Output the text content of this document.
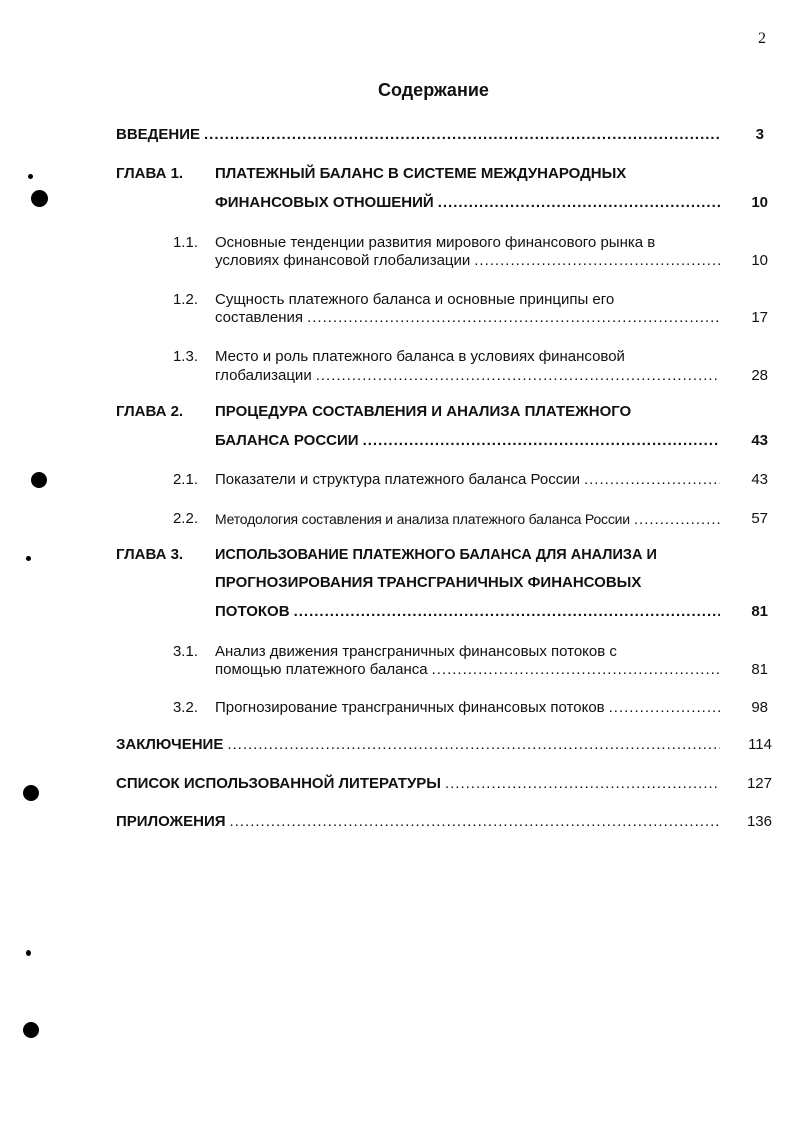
2
Содержание
ВВЕДЕНИЕ .....	3
ГЛАВА 1. ПЛАТЕЖНЫЙ БАЛАНС В СИСТЕМЕ МЕЖДУНАРОДНЫХ
ФИНАНСОВЫХ ОТНОШЕНИЙ .....	10
1.1. Основные тенденции развития мирового финансового рынка в
условиях финансовой глобализации .....	10
1.2. Сущность платежного баланса и основные принципы его
составления .....	17
1.3. Место и роль платежного баланса в условиях финансовой
глобализации .....	28
ГЛАВА 2. ПРОЦЕДУРА СОСТАВЛЕНИЯ И АНАЛИЗА ПЛАТЕЖНОГО
БАЛАНСА РОССИИ .....	43
2.1. Показатели и структура платежного баланса России .....	43
2.2. Методология составления и анализа платежного баланса России .....	57
ГЛАВА 3. ИСПОЛЬЗОВАНИЕ ПЛАТЕЖНОГО БАЛАНСА ДЛЯ АНАЛИЗА И
ПРОГНОЗИРОВАНИЯ ТРАНСГРАНИЧНЫХ ФИНАНСОВЫХ
ПОТОКОВ .....	81
3.1. Анализ движения трансграничных финансовых потоков с
помощью платежного баланса .....	81
3.2. Прогнозирование трансграничных финансовых потоков .....	98
ЗАКЛЮЧЕНИЕ .....	114
СПИСОК ИСПОЛЬЗОВАННОЙ ЛИТЕРАТУРЫ .....	127
ПРИЛОЖЕНИЯ .....	136
